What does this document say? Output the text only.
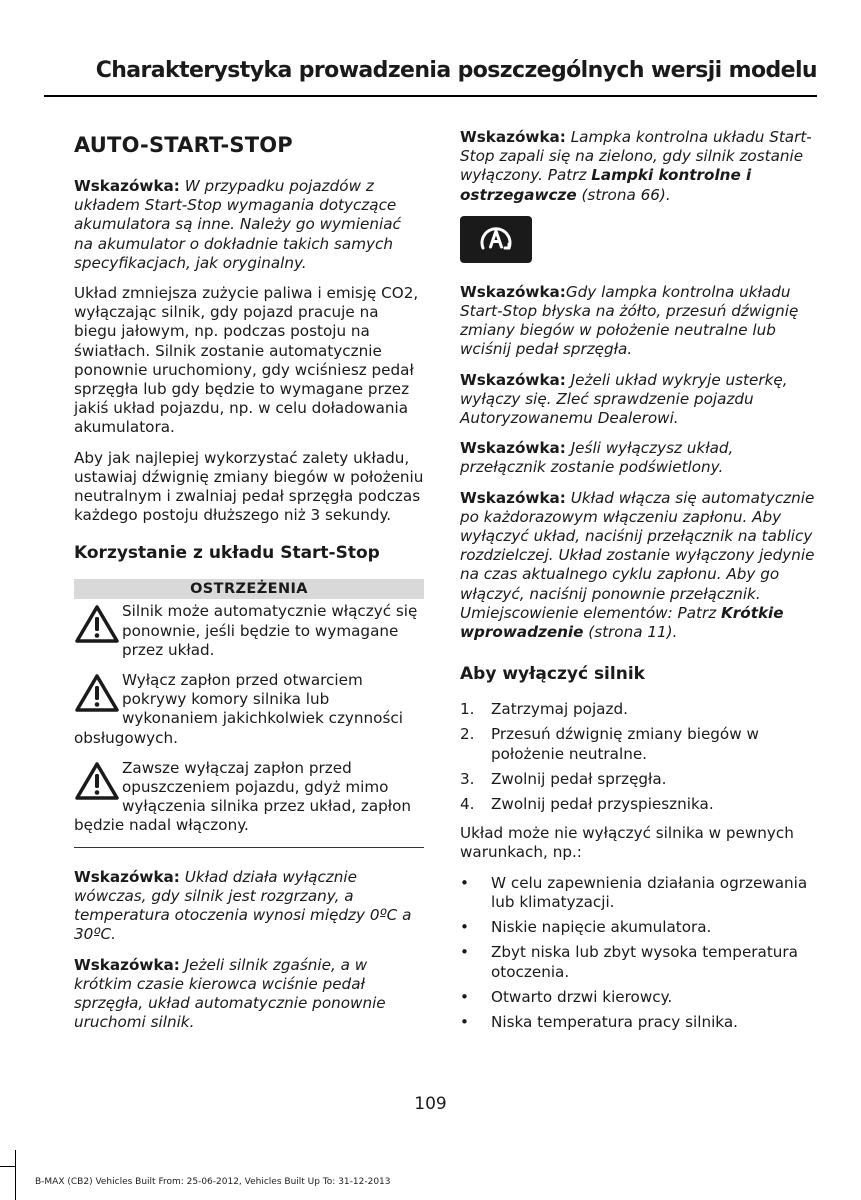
Charakterystyka prowadzenia poszczególnych wersji modelu
AUTO-START-STOP

Wskazówka: W przypadku pojazdów z układem Start-Stop wymagania dotyczące akumulatora są inne. Należy go wymieniać na akumulator o dokładnie takich samych specyfikacjach, jak oryginalny.

Układ zmniejsza zużycie paliwa i emisję CO2, wyłączając silnik, gdy pojazd pracuje na biegu jałowym, np. podczas postoju na światłach. Silnik zostanie automatycznie ponownie uruchomiony, gdy wciśniesz pedał sprzęgła lub gdy będzie to wymagane przez jakiś układ pojazdu, np. w celu doładowania akumulatora.

Aby jak najlepiej wykorzystać zalety układu, ustawiaj dźwignię zmiany biegów w położeniu neutralnym i zwalniaj pedał sprzęgła podczas każdego postoju dłuższego niż 3 sekundy.

Korzystanie z układu Start-Stop
OSTRZEŻENIA
Silnik może automatycznie włączyć się ponownie, jeśli będzie to wymagane przez układ.
Wyłącz zapłon przed otwarciem pokrywy komory silnika lub wykonaniem jakichkolwiek czynności obsługowych.
Zawsze wyłączaj zapłon przed opuszczeniem pojazdu, gdyż mimo wyłączenia silnika przez układ, zapłon będzie nadal włączony.

Wskazówka: Układ działa wyłącznie wówczas, gdy silnik jest rozgrzany, a temperatura otoczenia wynosi między 0ºC a 30ºC.

Wskazówka: Jeżeli silnik zgaśnie, a w krótkim czasie kierowca wciśnie pedał sprzęgła, układ automatycznie ponownie uruchomi silnik.

Wskazówka: Lampka kontrolna układu Start-Stop zapali się na zielono, gdy silnik zostanie wyłączony. Patrz Lampki kontrolne i ostrzegawcze (strona 66).

Wskazówka:Gdy lampka kontrolna układu Start-Stop błyska na żółto, przesuń dźwignię zmiany biegów w położenie neutralne lub wciśnij pedał sprzęgła.

Wskazówka: Jeżeli układ wykryje usterkę, wyłączy się. Zleć sprawdzenie pojazdu Autoryzowanemu Dealerowi.

Wskazówka: Jeśli wyłączysz układ, przełącznik zostanie podświetlony.

Wskazówka: Układ włącza się automatycznie po każdorazowym włączeniu zapłonu. Aby wyłączyć układ, naciśnij przełącznik na tablicy rozdzielczej. Układ zostanie wyłączony jedynie na czas aktualnego cyklu zapłonu. Aby go włączyć, naciśnij ponownie przełącznik. Umiejscowienie elementów: Patrz Krótkie wprowadzenie (strona 11).

Aby wyłączyć silnik
1. Zatrzymaj pojazd.
2. Przesuń dźwignię zmiany biegów w położenie neutralne.
3. Zwolnij pedał sprzęgła.
4. Zwolnij pedał przyspiesznika.

Układ może nie wyłączyć silnika w pewnych warunkach, np.:

• W celu zapewnienia działania ogrzewania lub klimatyzacji.
• Niskie napięcie akumulatora.
• Zbyt niska lub zbyt wysoka temperatura otoczenia.
• Otwarto drzwi kierowcy.
• Niska temperatura pracy silnika.
109
B-MAX (CB2) Vehicles Built From: 25-06-2012, Vehicles Built Up To: 31-12-2013
